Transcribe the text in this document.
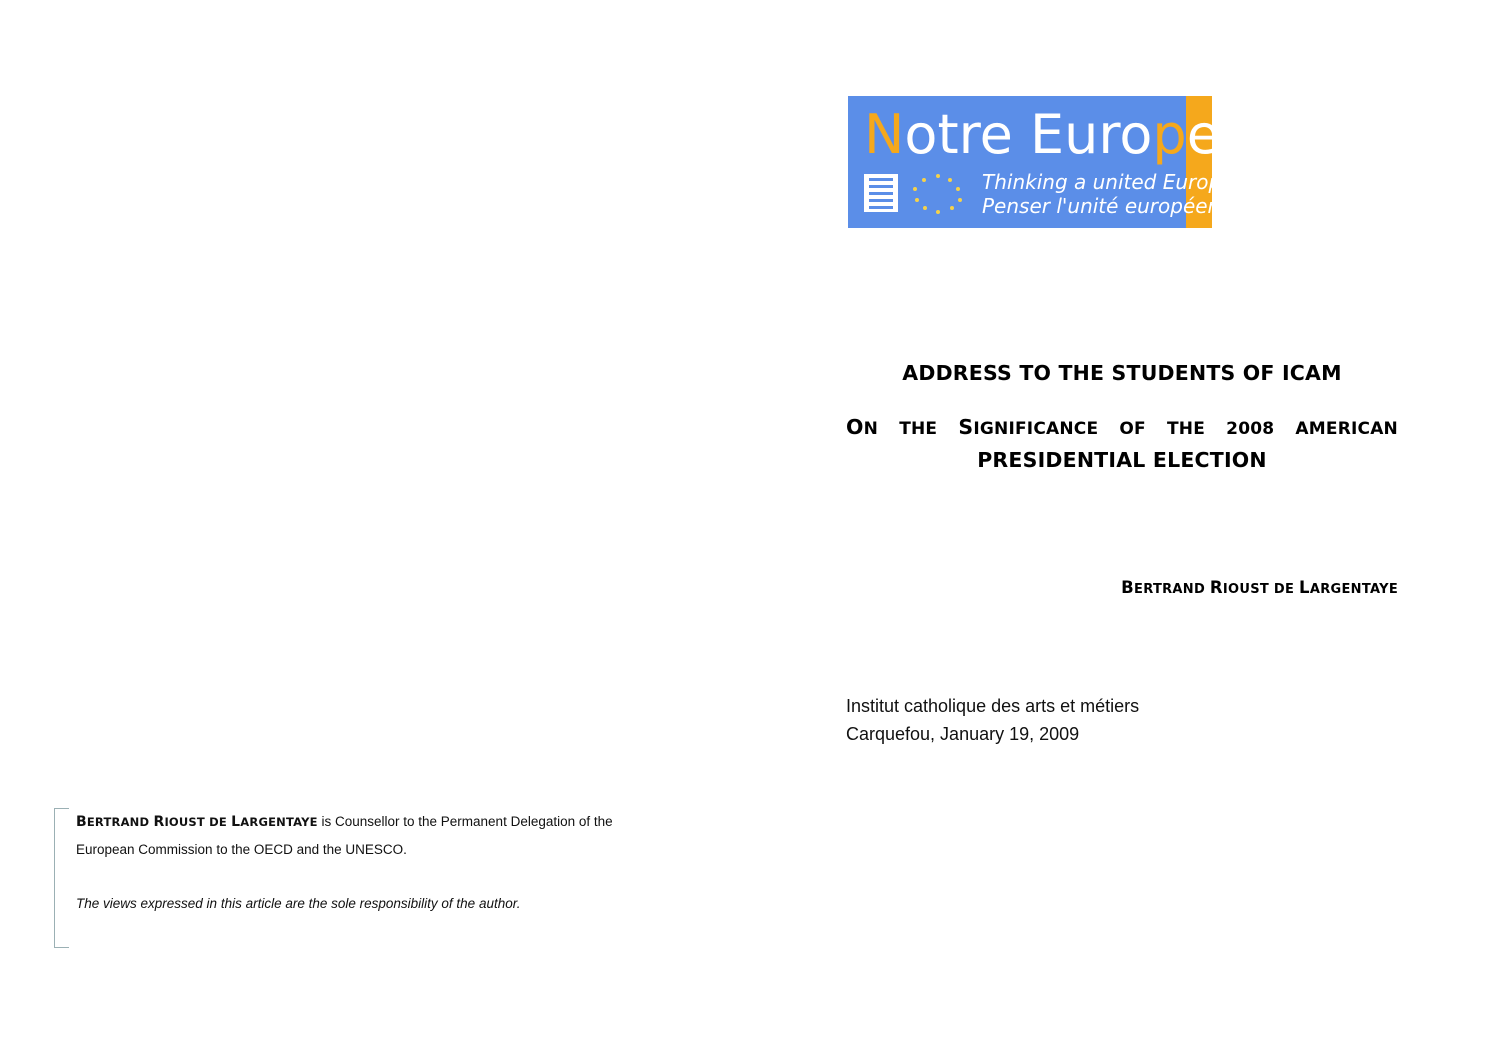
Notre Europe
Thinking a united Europe
Penser l'unité européenne
ADDRESS TO THE STUDENTS OF ICAM
ON THE SIGNIFICANCE OF THE 2008 AMERICAN
PRESIDENTIAL ELECTION
BERTRAND RIOUST DE LARGENTAYE
Institut catholique des arts et métiers
Carquefou, January 19, 2009

BERTRAND RIOUST DE LARGENTAYE is Counsellor to the Permanent Delegation of the European Commission to the OECD and the UNESCO.

The views expressed in this article are the sole responsibility of the author.
